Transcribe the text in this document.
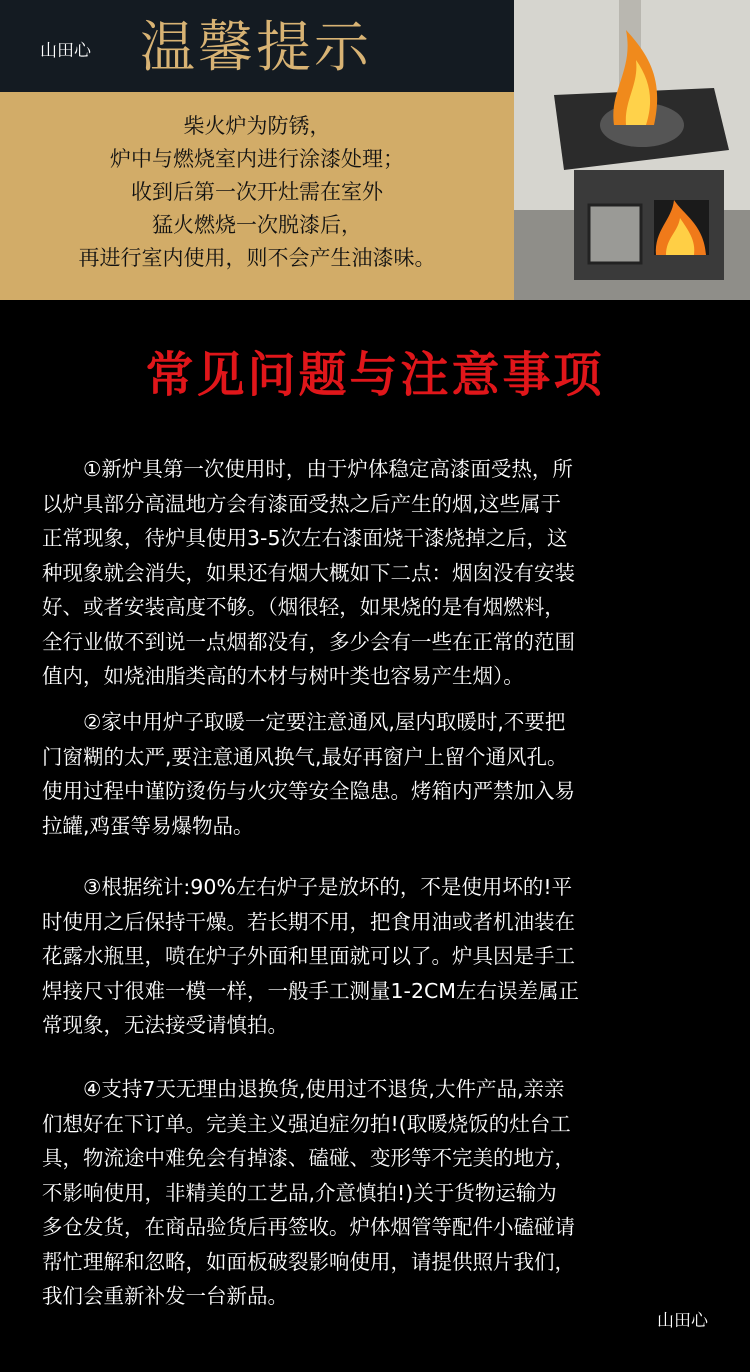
山田心 温馨提示
柴火炉为防锈，
炉中与燃烧室内进行涂漆处理；
收到后第一次开灶需在室外
猛火燃烧一次脱漆后，
再进行室内使用，则不会产生油漆味。
常见问题与注意事项
　　①新炉具第一次使用时，由于炉体稳定高漆面受热，所
以炉具部分高温地方会有漆面受热之后产生的烟,这些属于
正常现象，待炉具使用3-5次左右漆面烧干漆烧掉之后，这
种现象就会消失，如果还有烟大概如下二点：烟囱没有安装
好、或者安装高度不够。（烟很轻，如果烧的是有烟燃料，
全行业做不到说一点烟都没有，多少会有一些在正常的范围
值内，如烧油脂类高的木材与树叶类也容易产生烟）。
　　②家中用炉子取暖一定要注意通风,屋内取暖时,不要把
门窗糊的太严,要注意通风换气,最好再窗户上留个通风孔。
使用过程中谨防烫伤与火灾等安全隐患。烤箱内严禁加入易
拉罐,鸡蛋等易爆物品。
　　③根据统计:90%左右炉子是放坏的，不是使用坏的!平
时使用之后保持干燥。若长期不用，把食用油或者机油装在
花露水瓶里，喷在炉子外面和里面就可以了。炉具因是手工
焊接尺寸很难一模一样，一般手工测量1-2CM左右误差属正
常现象，无法接受请慎拍。
　　④支持7天无理由退换货,使用过不退货,大件产品,亲亲
们想好在下订单。完美主义强迫症勿拍!(取暖烧饭的灶台工
具，物流途中难免会有掉漆、磕碰、变形等不完美的地方，
不影响使用，非精美的工艺品,介意慎拍!)关于货物运输为
多仓发货，在商品验货后再签收。炉体烟管等配件小磕碰请
帮忙理解和忽略，如面板破裂影响使用，请提供照片我们，
我们会重新补发一台新品。
山田心
